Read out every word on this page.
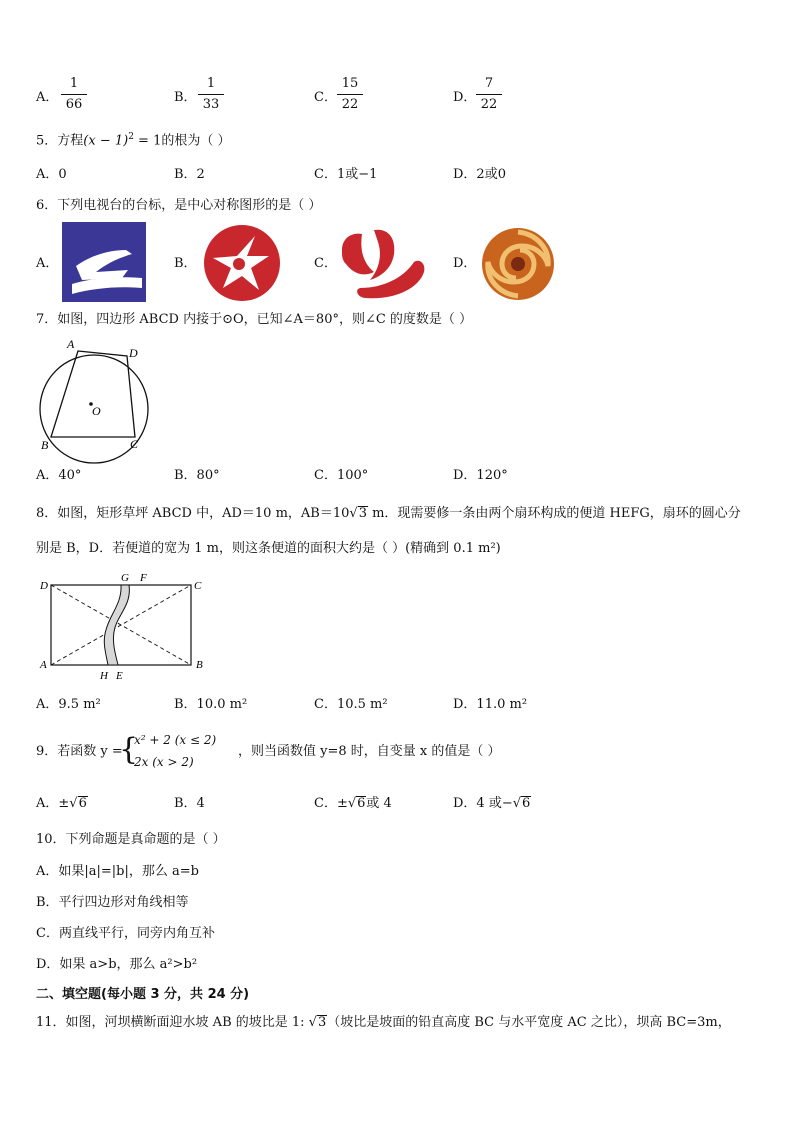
A．
1
66	B．
1
33	C．
15
22	D．
7
22
5．方程$(x - 1)^2 = 1$的根为（ ）
A．0	B．2	C．1或−1	D．2或0
6．下列电视台的台标，是中心对称图形的是（ ）
A．	B．	C．	D．
7．如图，四边形 ABCD 内接于⊙O，已知∠A＝80°，则∠C 的度数是（ ）
A
D
O
B	C
A．40°	B．80°	C．100°	D．120°
8．如图，矩形草坪 ABCD 中，AD＝10 m，AB＝10√3 m．现需要修一条由两个扇环构成的便道 HEFG，扇环的圆心分
别是 B，D．若便道的宽为 1 m，则这条便道的面积大约是（ ）(精确到 0.1 m²)
D
G F
C
A
H E
B
A．9.5 m²	B．10.0 m²	C．10.5 m²	D．11.0 m²
9．若函数 y =
{
x² + 2 (x ≤ 2)
2x (x > 2)
，则当函数值 y=8 时，自变量 x 的值是（ ）
A．±√6	B．4	C．±√6或 4	D．4 或−√6
10．下列命题是真命题的是（ ）
A．如果|a|=|b|，那么 a=b
B．平行四边形对角线相等
C．两直线平行，同旁内角互补
D．如果 a>b，那么 a²>b²
二、填空题(每小题 3 分，共 24 分)
11．如图，河坝横断面迎水坡 AB 的坡比是 1: √3（坡比是坡面的铅直高度 BC 与水平宽度 AC 之比），坝高 BC=3m，
